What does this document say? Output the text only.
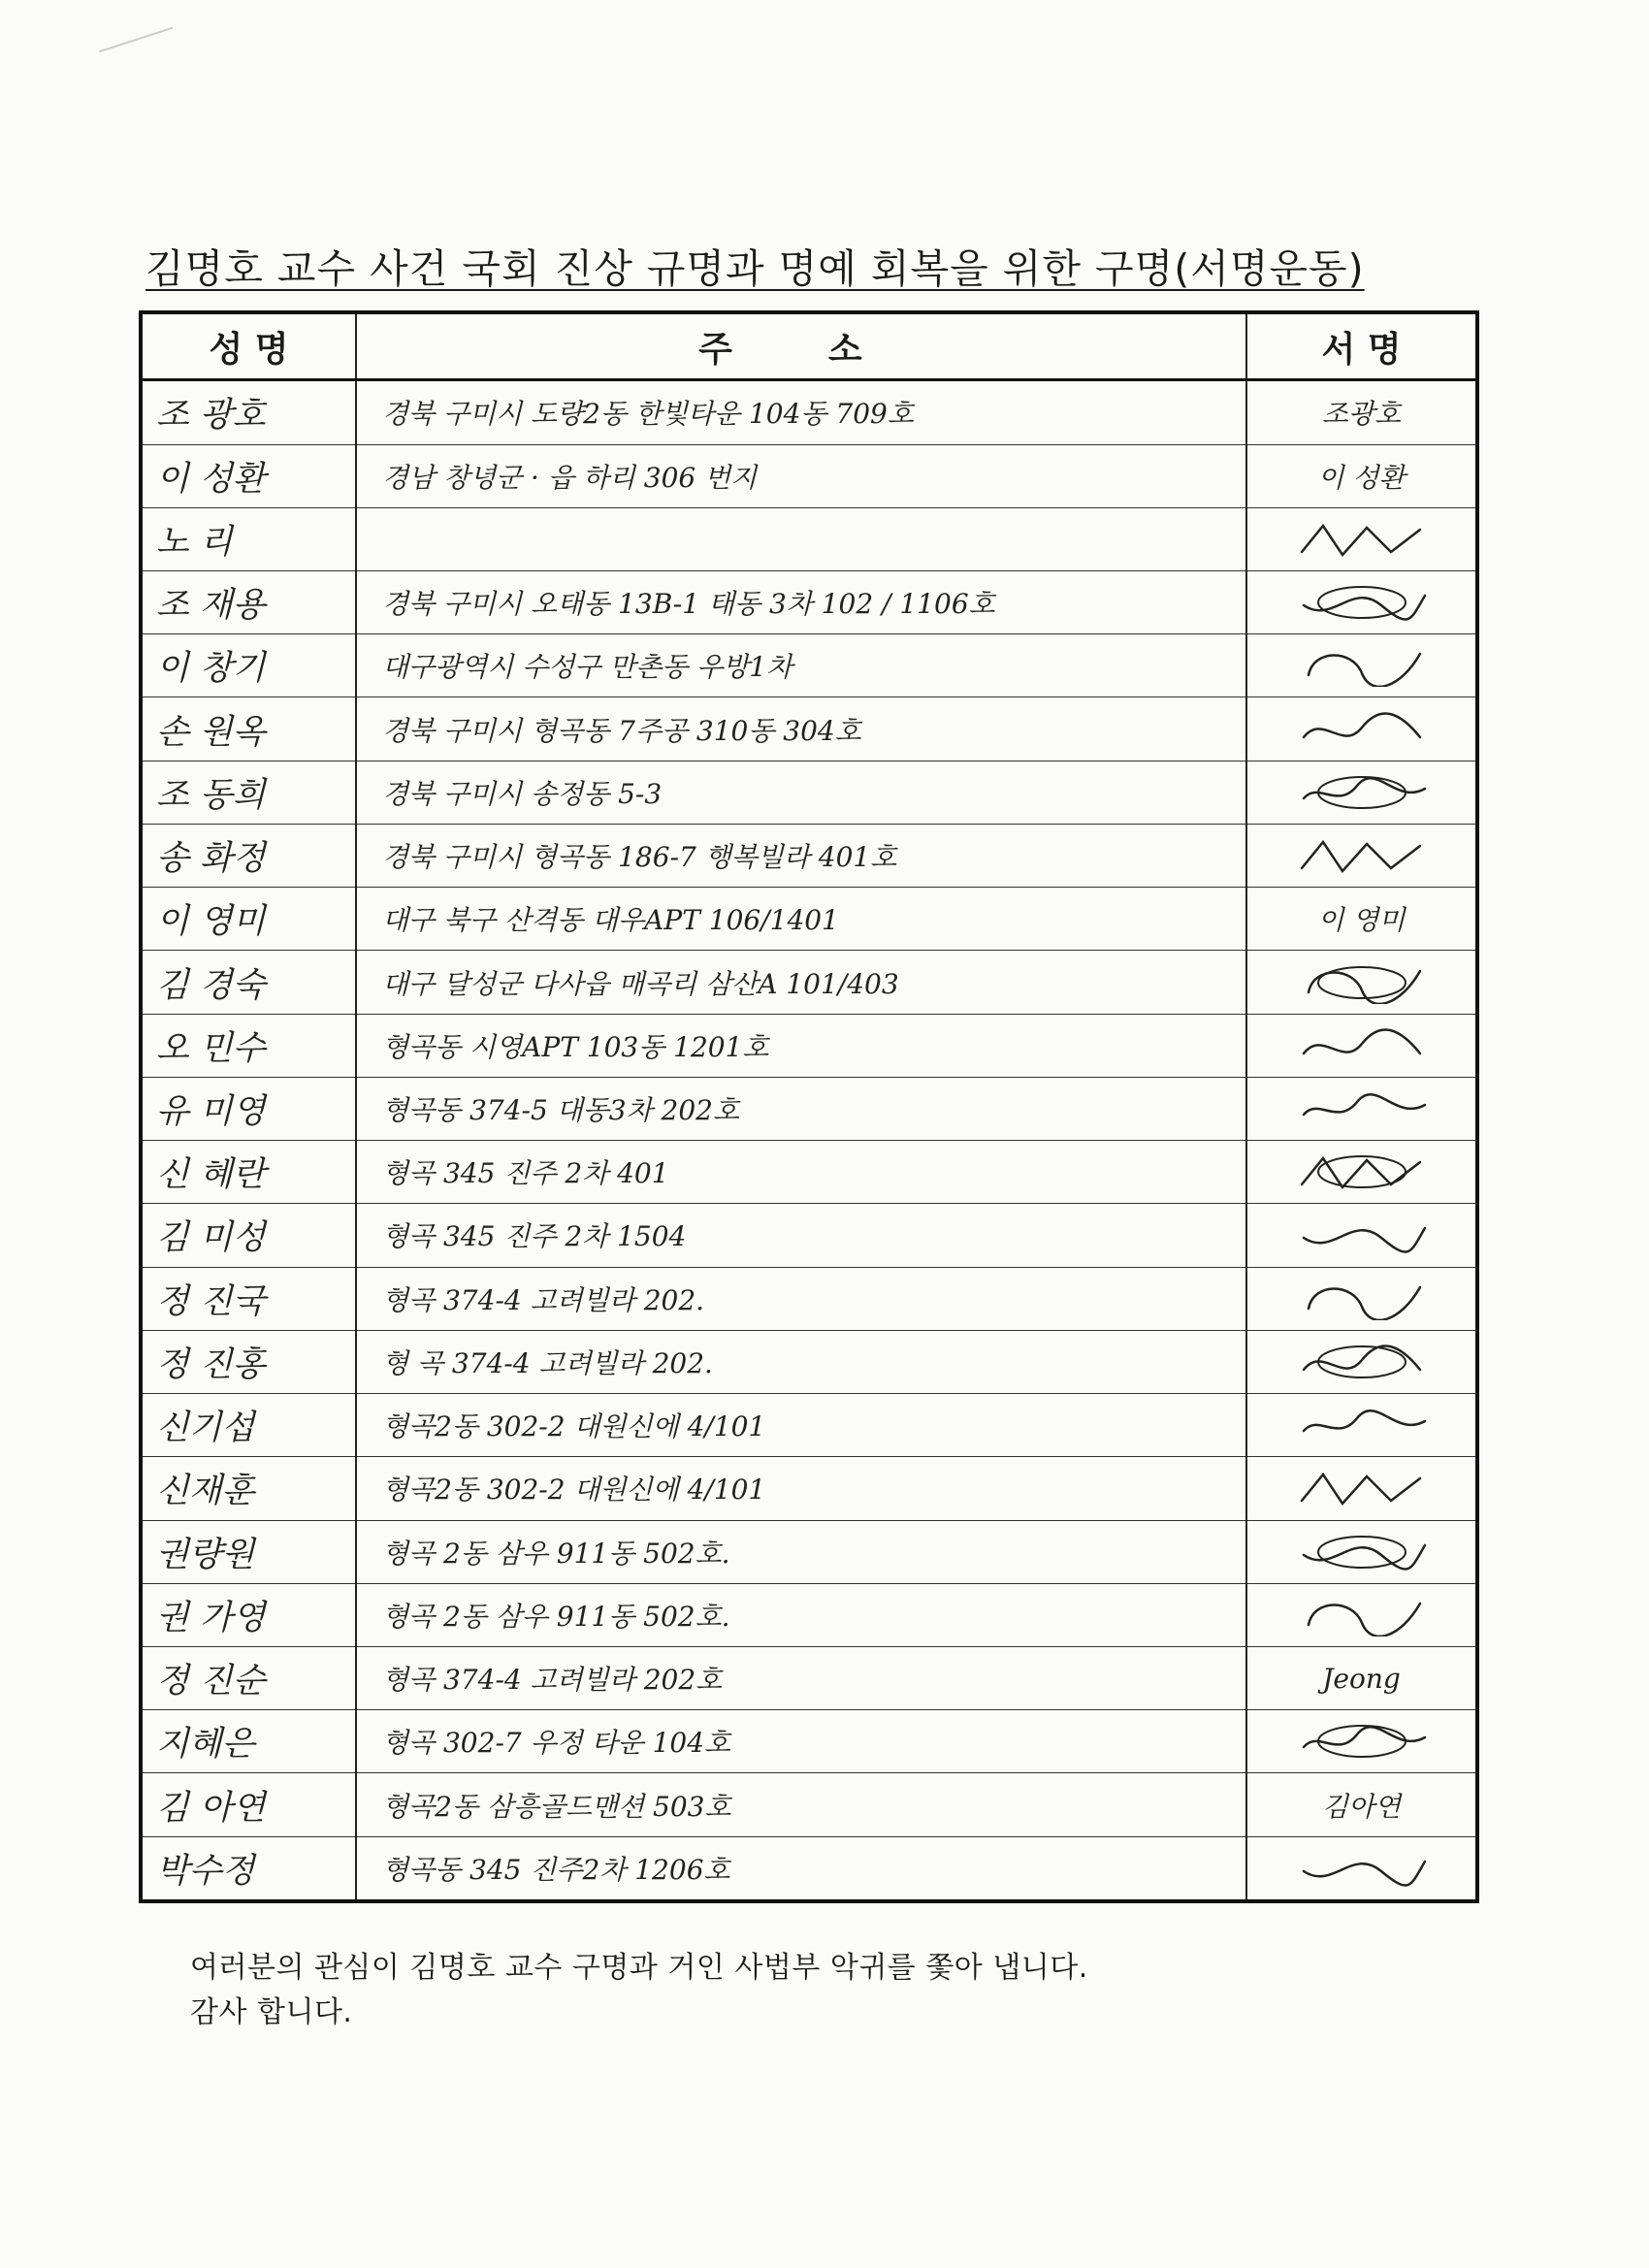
김명호 교수 사건 국회 진상 규명과 명예 회복을 위한 구명(서명운동)
성 명	주 소	서 명
조 광호	경북 구미시 도량2동 한빛타운 104동 709호	조광호
이 성환	경남 창녕군 · 읍 하리 306 번지	이 성환
노 리		

조 재용	경북 구미시 오태동 13B-1 태동 3차 102 / 1106호	

이 창기	대구광역시 수성구 만촌동 우방1차	

손 원옥	경북 구미시 형곡동 7주공 310동 304호	

조 동희	경북 구미시 송정동 5-3	

송 화정	경북 구미시 형곡동 186-7 행복빌라 401호	

이 영미	대구 북구 산격동 대우APT 106/1401	이 영미
김 경숙	대구 달성군 다사읍 매곡리 삼산A 101/403	

오 민수	형곡동 시영APT 103동 1201호	

유 미영	형곡동 374-5 대동3차 202호	

신 혜란	형곡 345 진주 2차 401	

김 미성	형곡 345 진주 2차 1504	

정 진국	형곡 374-4 고려빌라 202.	

정 진홍	형 곡 374-4 고려빌라 202.	

신기섭	형곡2동 302-2 대원신에 4/101	

신재훈	형곡2동 302-2 대원신에 4/101	

권량원	형곡 2동 삼우 911동 502호.	

권 가영	형곡 2동 삼우 911동 502호.	

정 진순	형곡 374-4 고려빌라 202호	Jeong
지혜은	형곡 302-7 우정 타운 104호	

김 아연	형곡2동 삼흥골드맨션 503호	김아연
박수정	형곡동 345 진주2차 1206호	
여러분의 관심이 김명호 교수 구명과 거인 사법부 악귀를 쫓아 냅니다.
감사 합니다.
